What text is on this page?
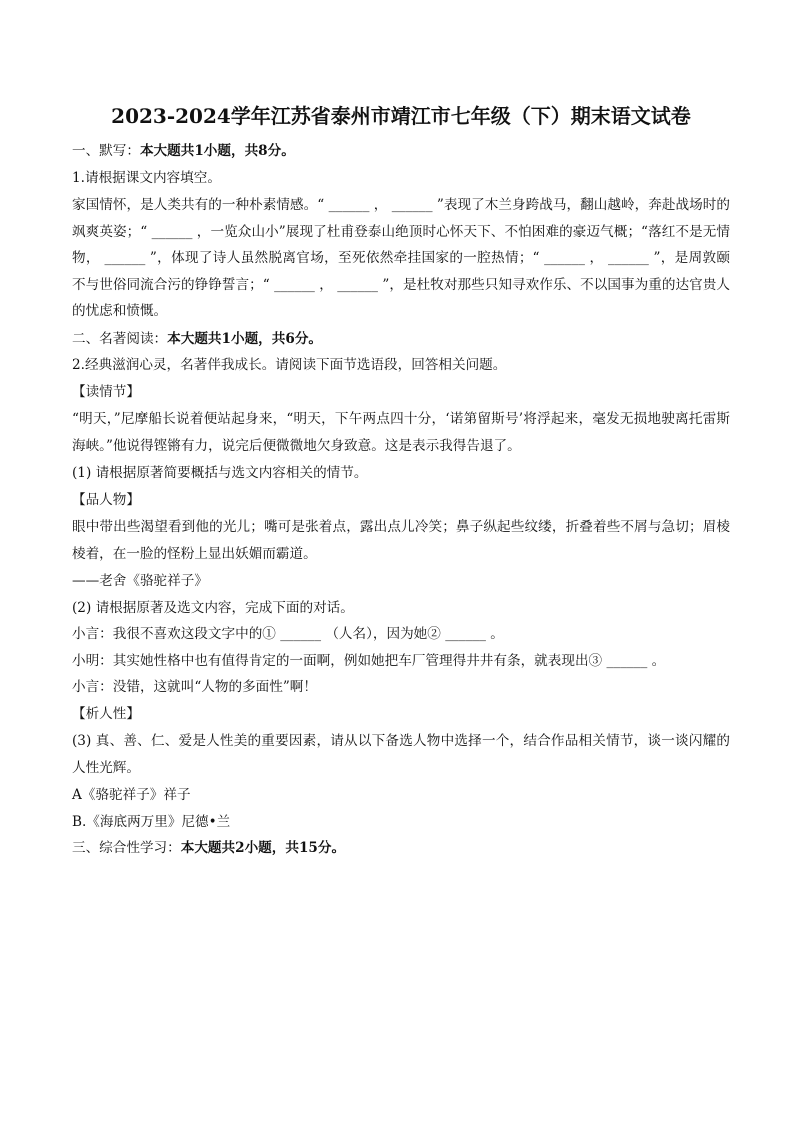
2023-2024学年江苏省泰州市靖江市七年级（下）期末语文试卷
一、默写：本大题共1小题，共8分。
1.请根据课文内容填空。
家国情怀，是人类共有的一种朴素情感。“ ______ ， ______ ”表现了木兰身跨战马，翻山越岭，奔赴战场时的飒爽英姿；“ ______ ，一览众山小”展现了杜甫登泰山绝顶时心怀天下、不怕困难的豪迈气概；“落红不是无情物， ______ ”，体现了诗人虽然脱离官场，至死依然牵挂国家的一腔热情；“ ______ ， ______ ”，是周敦颐不与世俗同流合污的铮铮誓言；“ ______ ， ______ ”，是杜牧对那些只知寻欢作乐、不以国事为重的达官贵人的忧虑和愤慨。
二、名著阅读：本大题共1小题，共6分。
2.经典滋润心灵，名著伴我成长。请阅读下面节选语段，回答相关问题。
【读情节】
“明天，”尼摩船长说着便站起身来，“明天，下午两点四十分，‘诺第留斯号’将浮起来，毫发无损地驶离托雷斯海峡。”他说得铿锵有力，说完后便微微地欠身致意。这是表示我得告退了。
(1) 请根据原著简要概括与选文内容相关的情节。
【品人物】
眼中带出些渴望看到他的光儿；嘴可是张着点，露出点儿冷笑；鼻子纵起些纹缕，折叠着些不屑与急切；眉棱棱着，在一脸的怪粉上显出妖媚而霸道。
——老舍《骆驼祥子》
(2) 请根据原著及选文内容，完成下面的对话。
小言：我很不喜欢这段文字中的① ______ （人名），因为她② ______ 。
小明：其实她性格中也有值得肯定的一面啊，例如她把车厂管理得井井有条，就表现出③ ______ 。
小言：没错，这就叫“人物的多面性”啊！
【析人性】
(3) 真、善、仁、爱是人性美的重要因素，请从以下备选人物中选择一个，结合作品相关情节，谈一谈闪耀的人性光辉。
A《骆驼祥子》祥子
B.《海底两万里》尼德•兰
三、综合性学习：本大题共2小题，共15分。
